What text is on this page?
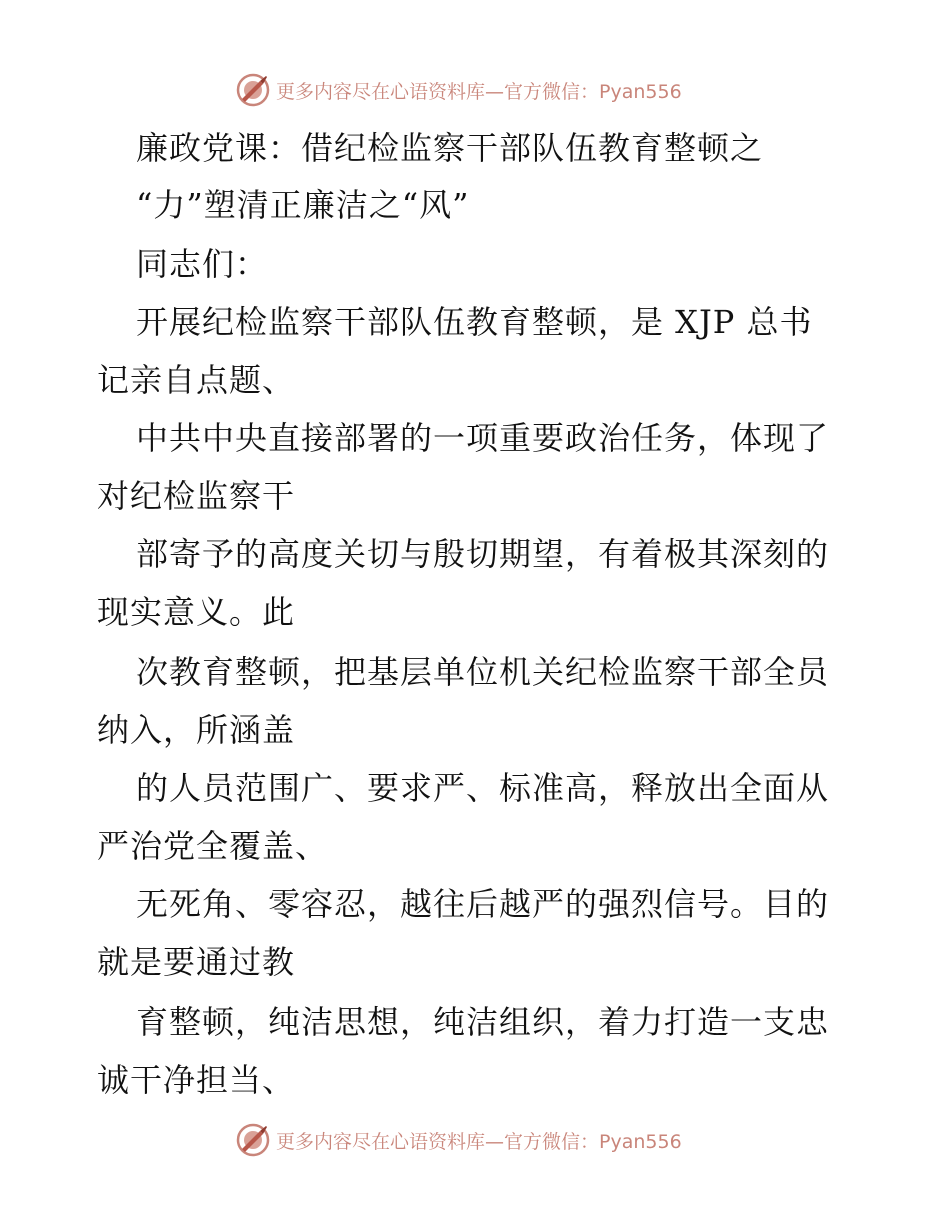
更多内容尽在心语资料库—官方微信：Pyan556
廉政党课：借纪检监察干部队伍教育整顿之
“力”塑清正廉洁之“风”
同志们：
开展纪检监察干部队伍教育整顿，是 XJP 总书
记亲自点题、
中共中央直接部署的一项重要政治任务，体现了
对纪检监察干
部寄予的高度关切与殷切期望，有着极其深刻的
现实意义。此
次教育整顿，把基层单位机关纪检监察干部全员
纳入，所涵盖
的人员范围广、要求严、标准高，释放出全面从
严治党全覆盖、
无死角、零容忍，越往后越严的强烈信号。目的
就是要通过教
育整顿，纯洁思想，纯洁组织，着力打造一支忠
诚干净担当、
更多内容尽在心语资料库—官方微信：Pyan556
